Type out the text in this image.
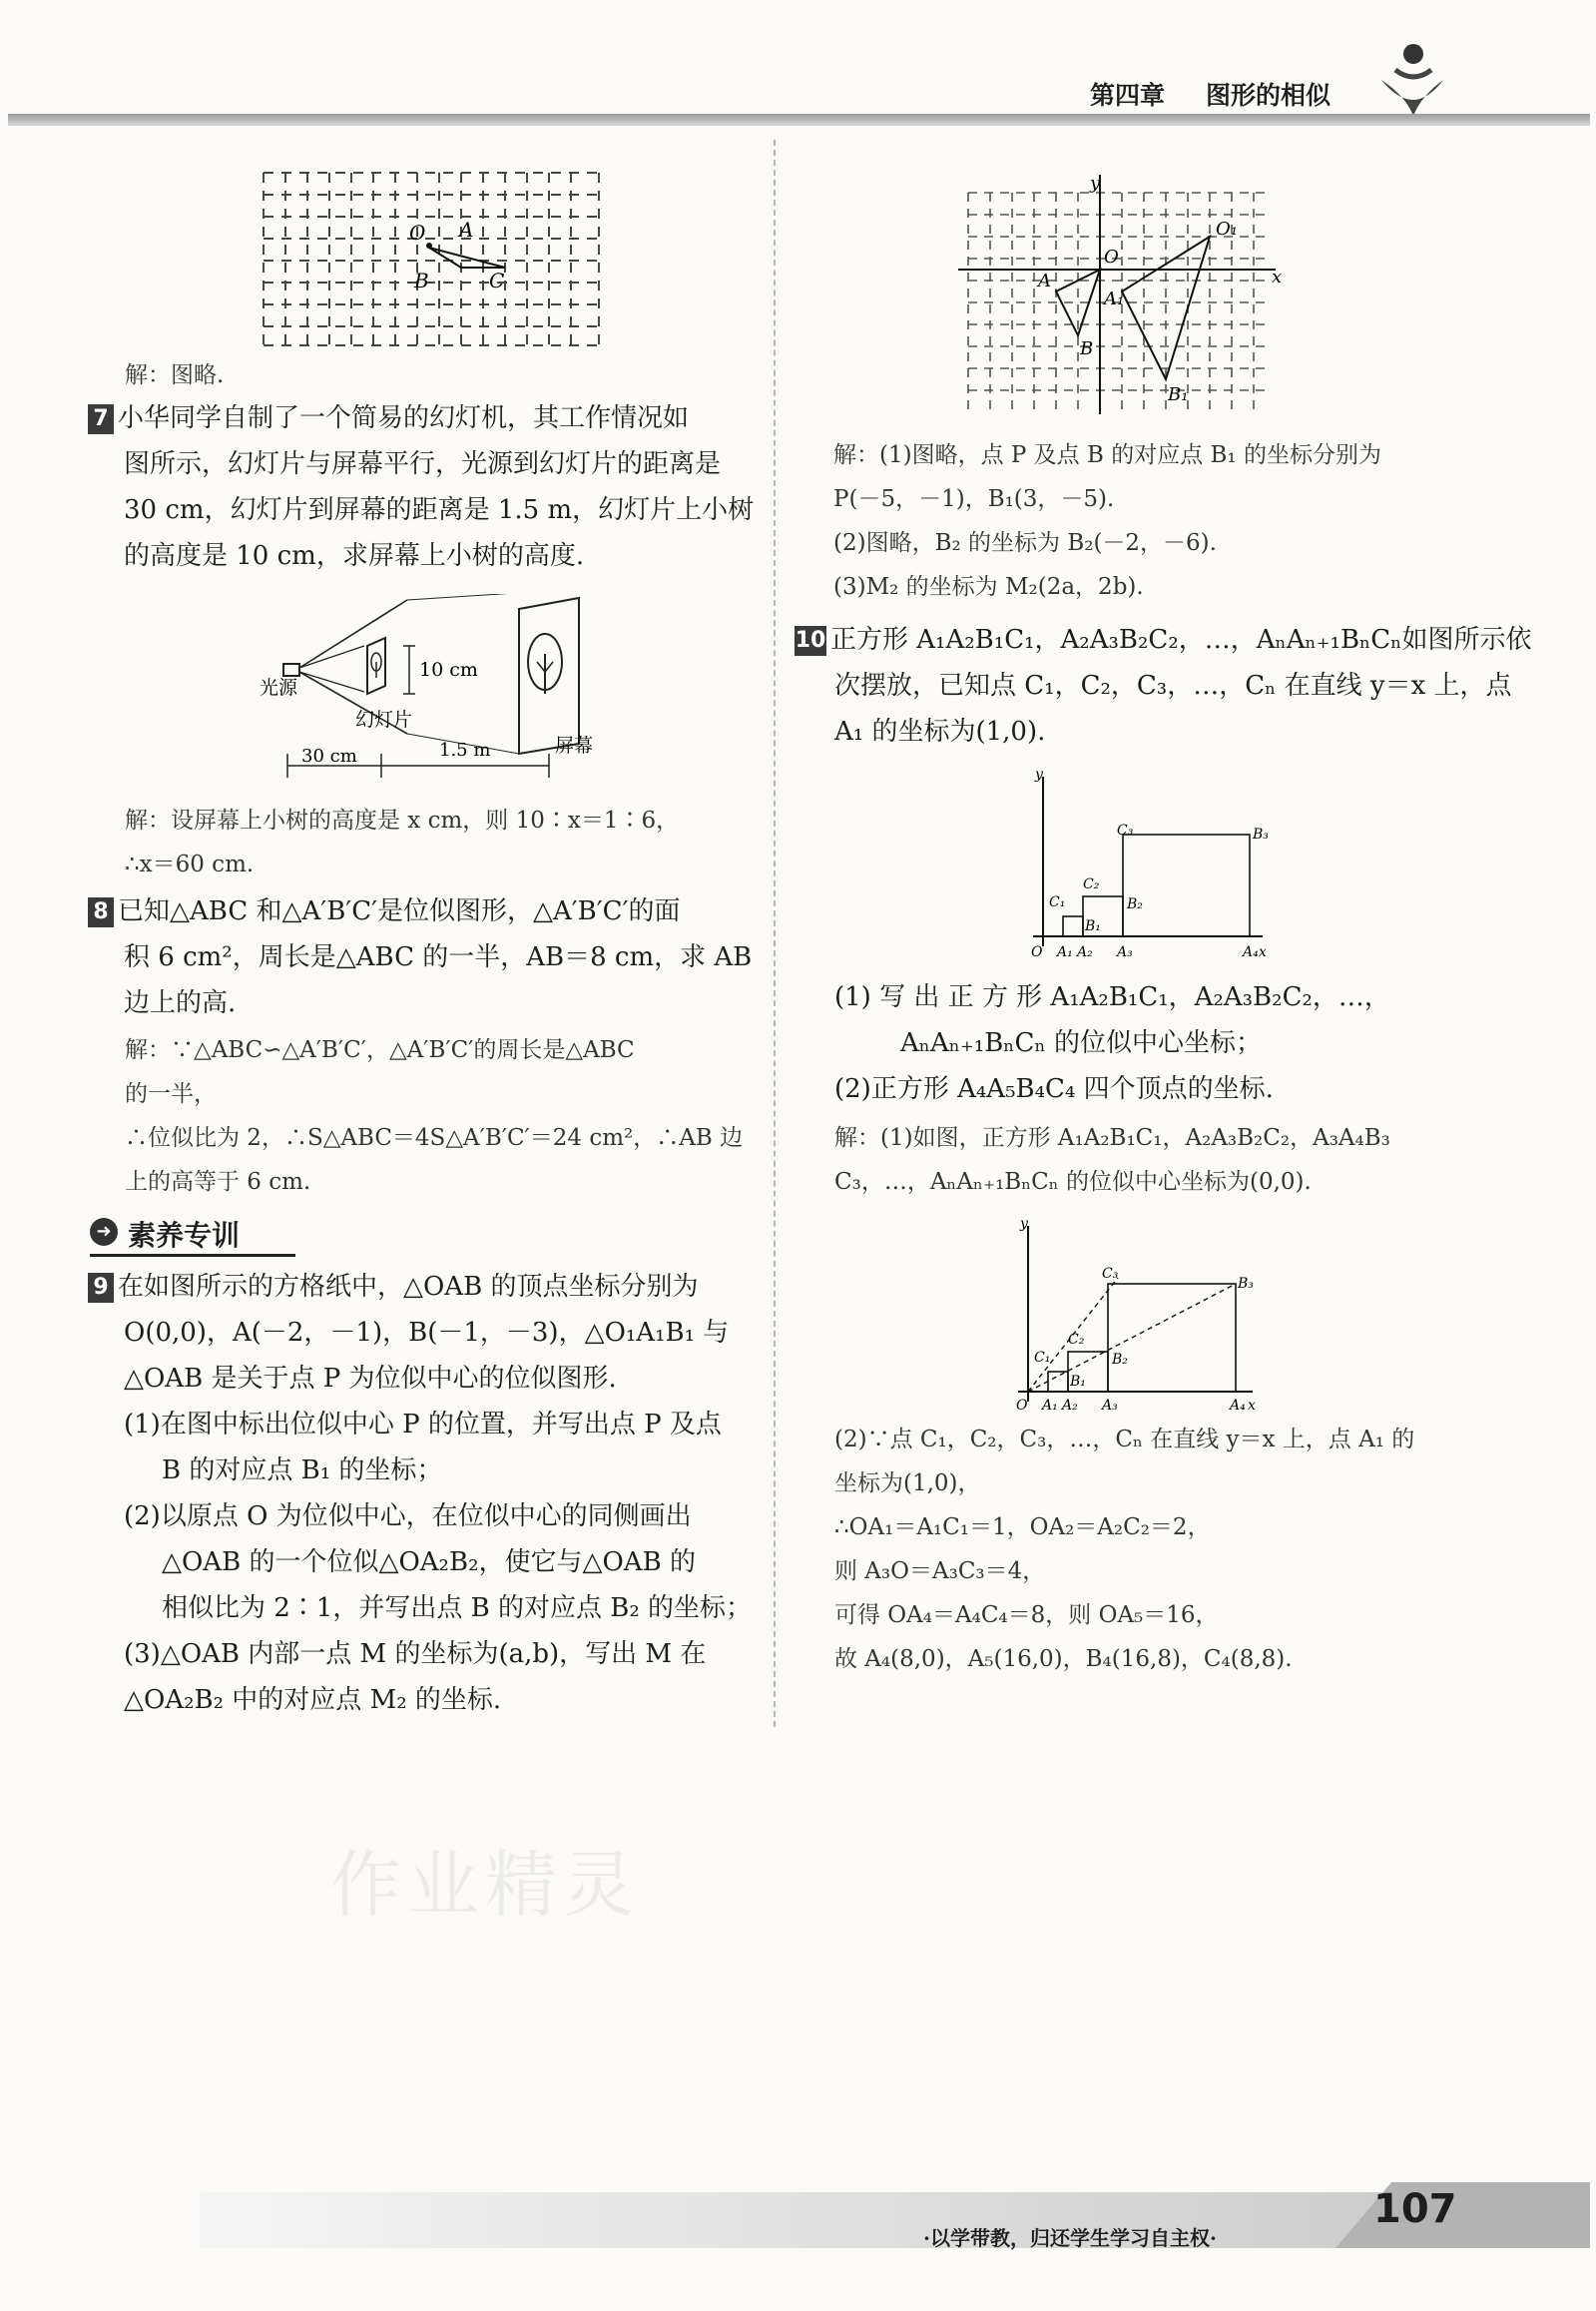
第四章 图形的相似
O A
B	C
解：图略.
7 小华同学自制了一个简易的幻灯机，其工作情况如
图所示，幻灯片与屏幕平行，光源到幻灯片的距离是
30 cm，幻灯片到屏幕的距离是 1.5 m，幻灯片上小树
的高度是 10 cm，求屏幕上小树的高度.
光源
幻灯片
10 cm
屏幕
30 cm	1.5 m
解：设屏幕上小树的高度是 x cm，则 10∶x＝1∶6，
∴x＝60 cm.
8 已知△ABC 和△A′B′C′是位似图形，△A′B′C′的面
积 6 cm²，周长是△ABC 的一半，AB＝8 cm，求 AB
边上的高.
解：∵△ABC∽△A′B′C′，△A′B′C′的周长是△ABC
的一半，
∴位似比为 2，∴S△ABC＝4S△A′B′C′＝24 cm²，∴AB 边
上的高等于 6 cm.
➜ 素养专训
9 在如图所示的方格纸中，△OAB 的顶点坐标分别为
O(0,0)，A(－2，－1)，B(－1，－3)，△O₁A₁B₁ 与
△OAB 是关于点 P 为位似中心的位似图形.
(1)在图中标出位似中心 P 的位置，并写出点 P 及点
B 的对应点 B₁ 的坐标；
(2)以原点 O 为位似中心，在位似中心的同侧画出
△OAB 的一个位似△OA₂B₂，使它与△OAB 的
相似比为 2∶1，并写出点 B 的对应点 B₂ 的坐标；
(3)△OAB 内部一点 M 的坐标为(a,b)，写出 M 在
△OA₂B₂ 中的对应点 M₂ 的坐标.
作业精灵
y
x
O
O₁
A
A₁
B
B₁
解：(1)图略，点 P 及点 B 的对应点 B₁ 的坐标分别为
P(－5，－1)，B₁(3，－5).
(2)图略，B₂ 的坐标为 B₂(－2，－6).
(3)M₂ 的坐标为 M₂(2a，2b).
10 正方形 A₁A₂B₁C₁，A₂A₃B₂C₂，…，AₙAₙ₊₁BₙCₙ如图所示依
次摆放，已知点 C₁，C₂，C₃，…，Cₙ 在直线 y＝x 上，点
A₁ 的坐标为(1,0).
y
x
O A₁ A₂ A₃	A₄
B₁
B₂
B₃
C₁
C₂
C₃
(1) 写 出 正 方 形 A₁A₂B₁C₁，A₂A₃B₂C₂，…，
AₙAₙ₊₁BₙCₙ 的位似中心坐标；
(2)正方形 A₄A₅B₄C₄ 四个顶点的坐标.
解：(1)如图，正方形 A₁A₂B₁C₁，A₂A₃B₂C₂，A₃A₄B₃
C₃，…，AₙAₙ₊₁BₙCₙ 的位似中心坐标为(0,0).
y
x
O A₁ A₂ A₃	A₄
B₁
B₂
B₃
C₁
C₂
C₃
(2)∵点 C₁，C₂，C₃，…，Cₙ 在直线 y＝x 上，点 A₁ 的
坐标为(1,0)，
∴OA₁＝A₁C₁＝1，OA₂＝A₂C₂＝2，
则 A₃O＝A₃C₃＝4，
可得 OA₄＝A₄C₄＝8，则 OA₅＝16，
故 A₄(8,0)，A₅(16,0)，B₄(16,8)，C₄(8,8).
·以学带教，归还学生学习自主权·
107
